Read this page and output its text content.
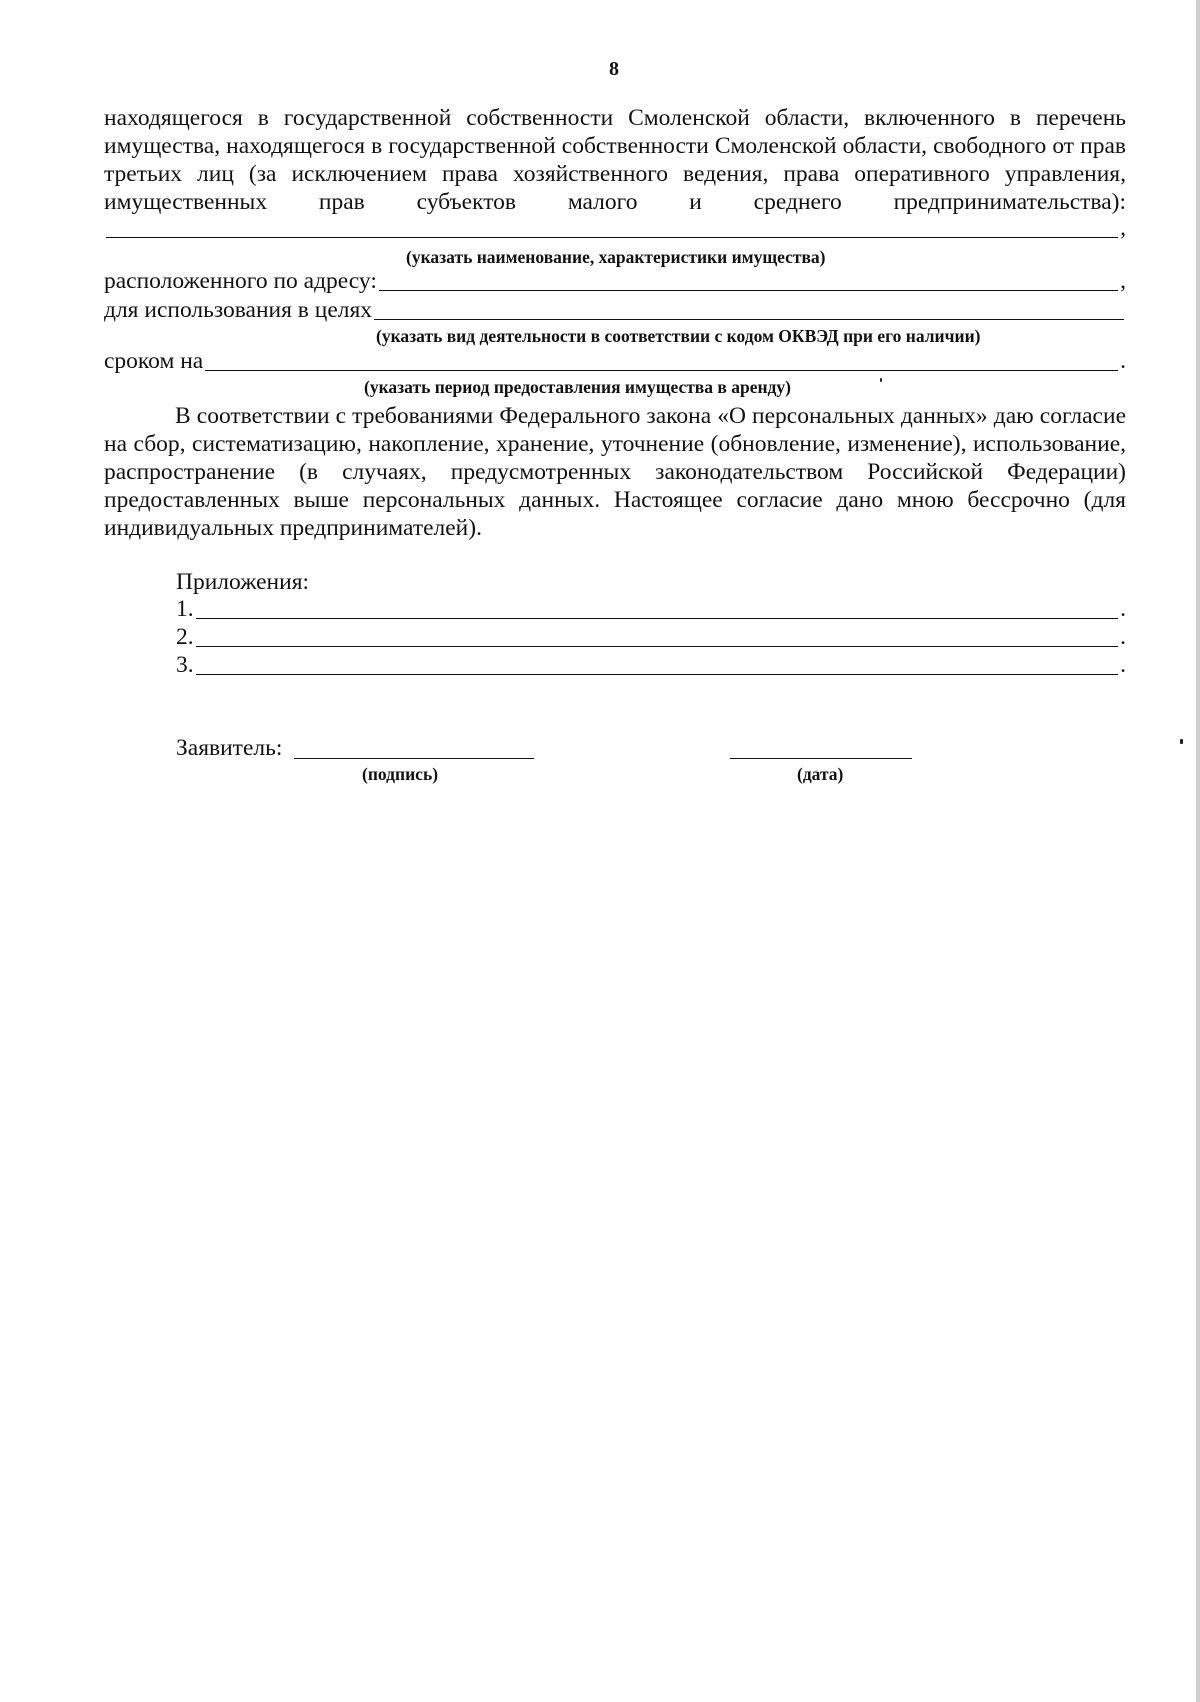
8
находящегося в государственной собственности Смоленской области, включенного в перечень имущества, находящегося в государственной собственности Смоленской области, свободного от прав третьих лиц (за исключением права хозяйственного ведения, права оперативного управления, имущественных прав субъектов малого и среднего предпринимательства):
,
(указать наименование, характеристики имущества)
расположенного по адресу:	,
для использования в целях
(указать вид деятельности в соответствии с кодом ОКВЭД при его наличии)
сроком на	.
(указать период предоставления имущества в аренду)
В соответствии с требованиями Федерального закона «О персональных данных» даю согласие на сбор, систематизацию, накопление, хранение, уточнение (обновление, изменение), использование, распространение (в случаях, предусмотренных законодательством Российской Федерации) предоставленных выше персональных данных. Настоящее согласие дано мною бессрочно (для индивидуальных предпринимателей).
Приложения:
1.	.
2.	.
3.	.
Заявитель:
(подпись)	(дата)
